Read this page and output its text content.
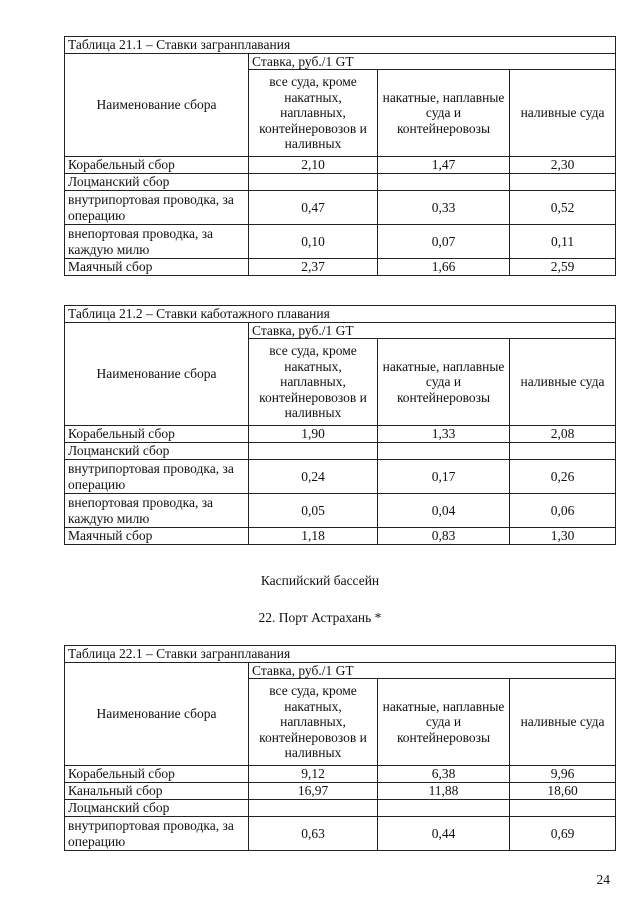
Таблица 21.1 – Ставки загранплавания			
Наименование сбора	Ставка, руб./1 GT		
	все суда, кроме накатных, наплавных, контейнеровозов и наливных	накатные, наплавные суда и контейнеровозы	наливные суда
Корабельный сбор	2,10	1,47	2,30
Лоцманский сбор			
внутрипортовая проводка, за операцию	0,47	0,33	0,52
внепортовая проводка, за каждую милю	0,10	0,07	0,11
Маячный сбор	2,37	1,66	2,59
Таблица 21.2 – Ставки каботажного плавания			
Наименование сбора	Ставка, руб./1 GT		
	все суда, кроме накатных, наплавных, контейнеровозов и наливных	накатные, наплавные суда и контейнеровозы	наливные суда
Корабельный сбор	1,90	1,33	2,08
Лоцманский сбор			
внутрипортовая проводка, за операцию	0,24	0,17	0,26
внепортовая проводка, за каждую милю	0,05	0,04	0,06
Маячный сбор	1,18	0,83	1,30
Каспийский бассейн
22. Порт Астрахань *
Таблица 22.1 – Ставки загранплавания			
Наименование сбора	Ставка, руб./1 GT		
	все суда, кроме накатных, наплавных, контейнеровозов и наливных	накатные, наплавные суда и контейнеровозы	наливные суда
Корабельный сбор	9,12	6,38	9,96
Канальный сбор	16,97	11,88	18,60
Лоцманский сбор			
внутрипортовая проводка, за операцию	0,63	0,44	0,69
24
